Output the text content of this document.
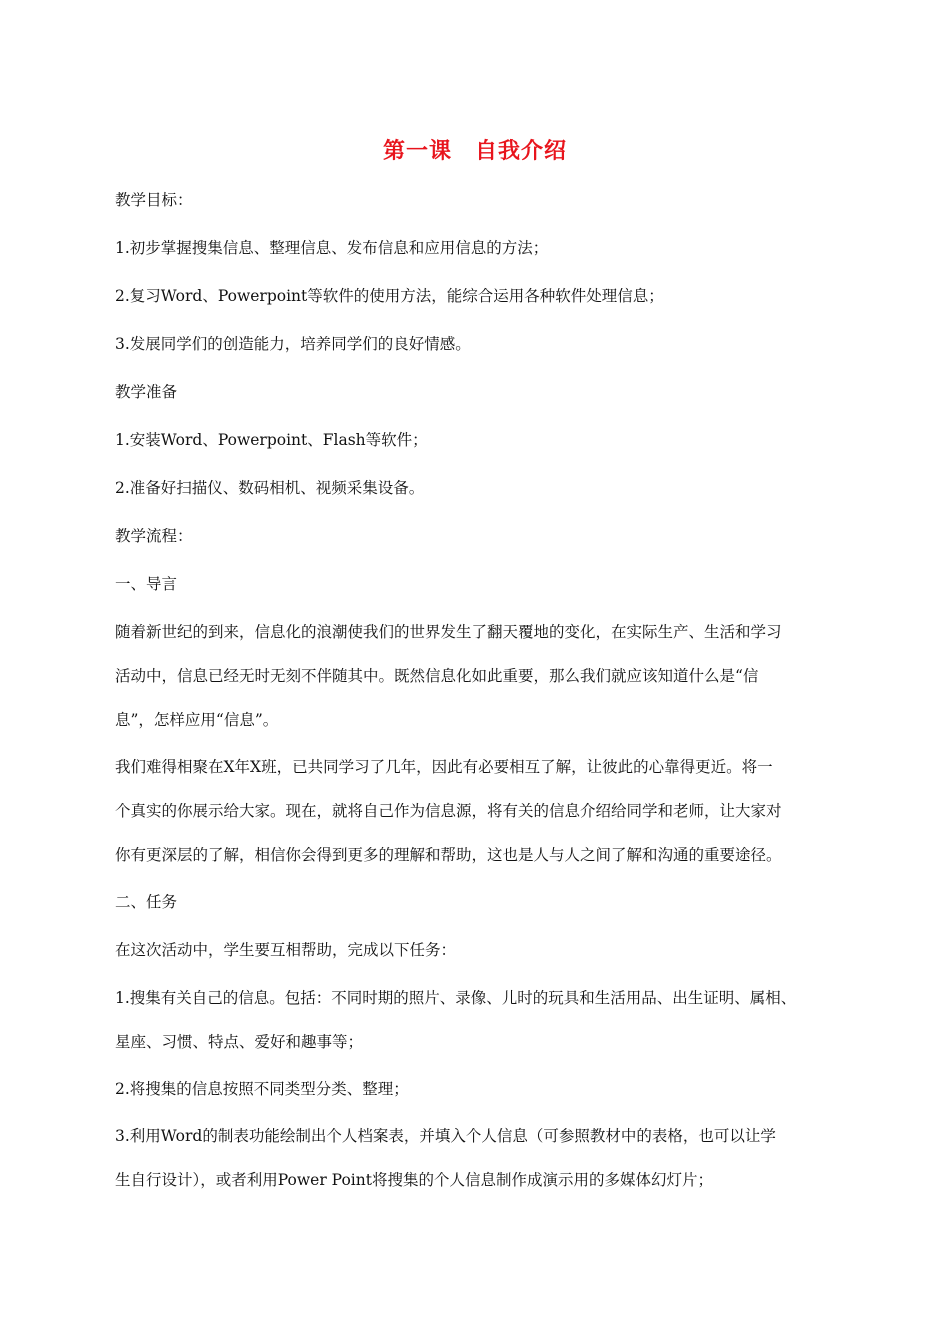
第一课　自我介绍
教学目标：
1.初步掌握搜集信息、整理信息、发布信息和应用信息的方法；
2.复习Word、Powerpoint等软件的使用方法，能综合运用各种软件处理信息；
3.发展同学们的创造能力，培养同学们的良好情感。
教学准备
1.安装Word、Powerpoint、Flash等软件；
2.准备好扫描仪、数码相机、视频采集设备。
教学流程：
一、导言
随着新世纪的到来，信息化的浪潮使我们的世界发生了翻天覆地的变化，在实际生产、生活和学习
活动中，信息已经无时无刻不伴随其中。既然信息化如此重要，那么我们就应该知道什么是“信
息”，怎样应用“信息”。
我们难得相聚在X年X班，已共同学习了几年，因此有必要相互了解，让彼此的心靠得更近。将一
个真实的你展示给大家。现在，就将自己作为信息源，将有关的信息介绍给同学和老师，让大家对
你有更深层的了解，相信你会得到更多的理解和帮助，这也是人与人之间了解和沟通的重要途径。
二、任务
在这次活动中，学生要互相帮助，完成以下任务：
1.搜集有关自己的信息。包括：不同时期的照片、录像、儿时的玩具和生活用品、出生证明、属相、
星座、习惯、特点、爱好和趣事等；
2.将搜集的信息按照不同类型分类、整理；
3.利用Word的制表功能绘制出个人档案表，并填入个人信息（可参照教材中的表格，也可以让学
生自行设计），或者利用Power Point将搜集的个人信息制作成演示用的多媒体幻灯片；
